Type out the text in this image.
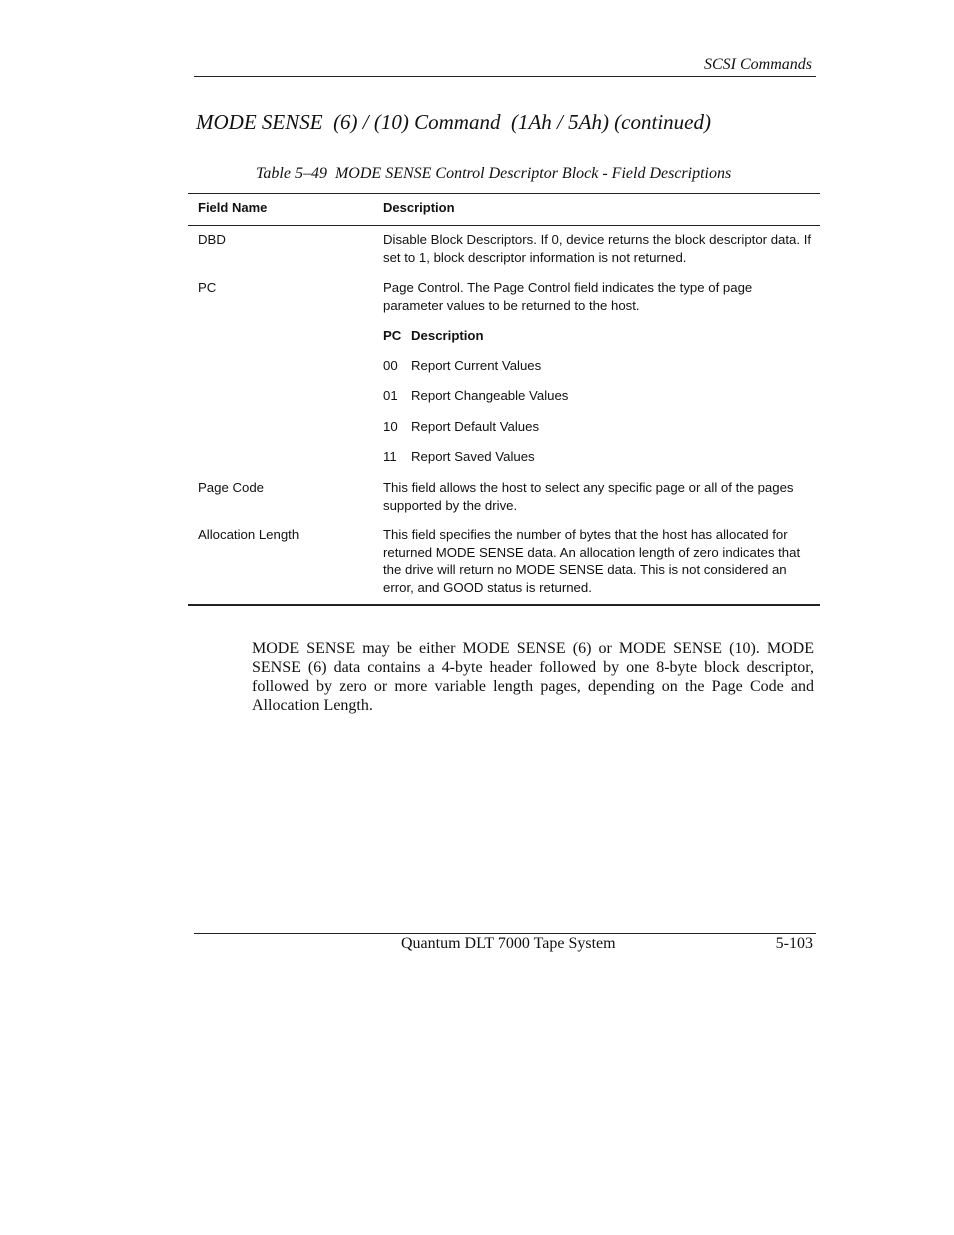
SCSI Commands
MODE SENSE  (6) / (10) Command  (1Ah / 5Ah) (continued)
Table 5–49  MODE SENSE Control Descriptor Block - Field Descriptions
Field Name	Description
DBD	Disable Block Descriptors. If 0, device returns the block descriptor data. If set to 1, block descriptor information is not returned.
PC	Page Control. The Page Control field indicates the type of page parameter values to be returned to the host.
PC Description
00 Report Current Values
01 Report Changeable Values
10 Report Default Values
11 Report Saved Values
Page Code	This field allows the host to select any specific page or all of the pages supported by the drive.
Allocation Length	This field specifies the number of bytes that the host has allocated for returned MODE SENSE data. An allocation length of zero indicates that the drive will return no MODE SENSE data. This is not considered an error, and GOOD status is returned.
MODE SENSE may be either MODE SENSE (6) or MODE SENSE (10). MODE SENSE (6) data contains a 4-byte header followed by one 8-byte block descriptor, followed by zero or more variable length pages, depending on the Page Code and Allocation Length.
Quantum DLT 7000 Tape System	5-103
